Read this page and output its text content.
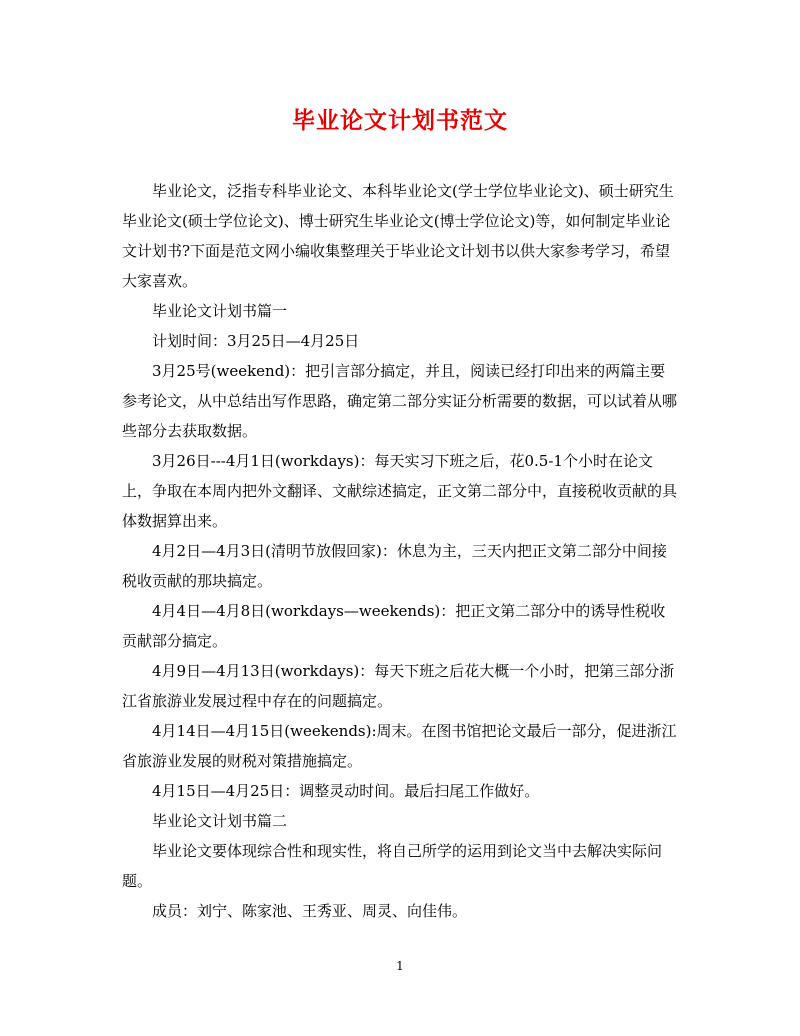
毕业论文计划书范文

毕业论文，泛指专科毕业论文、本科毕业论文(学士学位毕业论文)、硕士研究生毕业论文(硕士学位论文)、博士研究生毕业论文(博士学位论文)等，如何制定毕业论文计划书?下面是范文网小编收集整理关于毕业论文计划书以供大家参考学习，希望大家喜欢。

毕业论文计划书篇一

计划时间：3月25日—4月25日

3月25号(weekend)：把引言部分搞定，并且，阅读已经打印出来的两篇主要参考论文，从中总结出写作思路，确定第二部分实证分析需要的数据，可以试着从哪些部分去获取数据。

3月26日---4月1日(workdays)：每天实习下班之后，花0.5-1个小时在论文上，争取在本周内把外文翻译、文献综述搞定，正文第二部分中，直接税收贡献的具体数据算出来。

4月2日—4月3日(清明节放假回家)：休息为主，三天内把正文第二部分中间接税收贡献的那块搞定。

4月4日—4月8日(workdays—weekends)：把正文第二部分中的诱导性税收贡献部分搞定。

4月9日—4月13日(workdays)：每天下班之后花大概一个小时，把第三部分浙江省旅游业发展过程中存在的问题搞定。

4月14日—4月15日(weekends):周末。在图书馆把论文最后一部分，促进浙江省旅游业发展的财税对策措施搞定。

4月15日—4月25日：调整灵动时间。最后扫尾工作做好。

毕业论文计划书篇二

毕业论文要体现综合性和现实性，将自己所学的运用到论文当中去解决实际问题。

成员：刘宁、陈家池、王秀亚、周灵、向佳伟。

1
